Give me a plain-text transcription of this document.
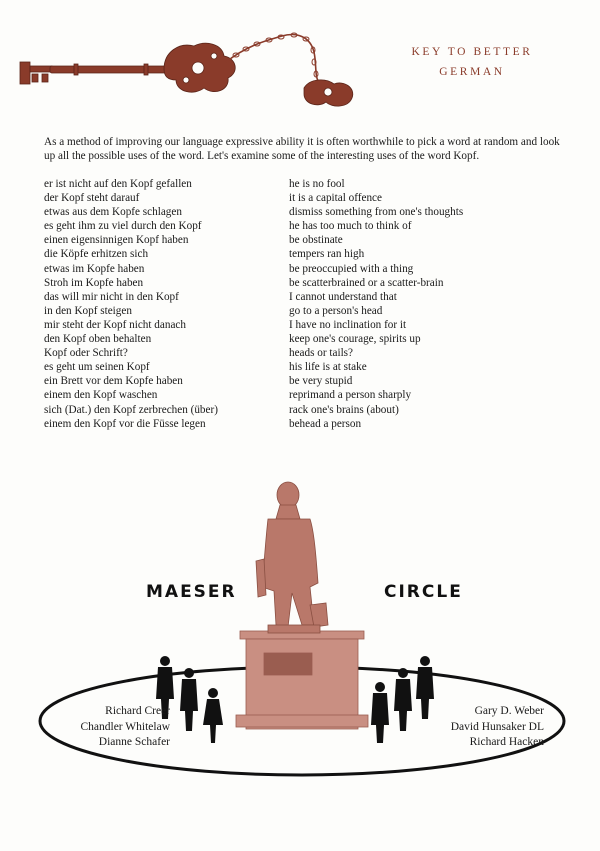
KEY TO BETTER
GERMAN

As a method of improving our language expressive ability it is often worthwhile to pick a word at random and look up all the possible uses of the word. Let's examine some of the interesting uses of the word Kopf.

er ist nicht auf den Kopf gefallen	he is no fool
der Kopf steht darauf	it is a capital offence
etwas aus dem Kopfe schlagen	dismiss something from one's thoughts
es geht ihm zu viel durch den Kopf	he has too much to think of
einen eigensinnigen Kopf haben	be obstinate
die Köpfe erhitzen sich	tempers ran high
etwas im Kopfe haben	be preoccupied with a thing
Stroh im Kopfe haben	be scatterbrained or a scatter-brain
das will mir nicht in den Kopf	I cannot understand that
in den Kopf steigen	go to a person's head
mir steht der Kopf nicht danach	I have no inclination for it
den Kopf oben behalten	keep one's courage, spirits up
Kopf oder Schrift?	heads or tails?
es geht um seinen Kopf	his life is at stake
ein Brett vor dem Kopfe haben	be very stupid
einem den Kopf waschen	reprimand a person sharply
sich (Dat.) den Kopf zerbrechen (über)	rack one's brains (about)
einem den Kopf vor die Füsse legen	behead a person
MAESER	CIRCLE
Richard Creer
Chandler Whitelaw
Dianne Schafer
Gary D. Weber
David Hunsaker DL
Richard Hacken
